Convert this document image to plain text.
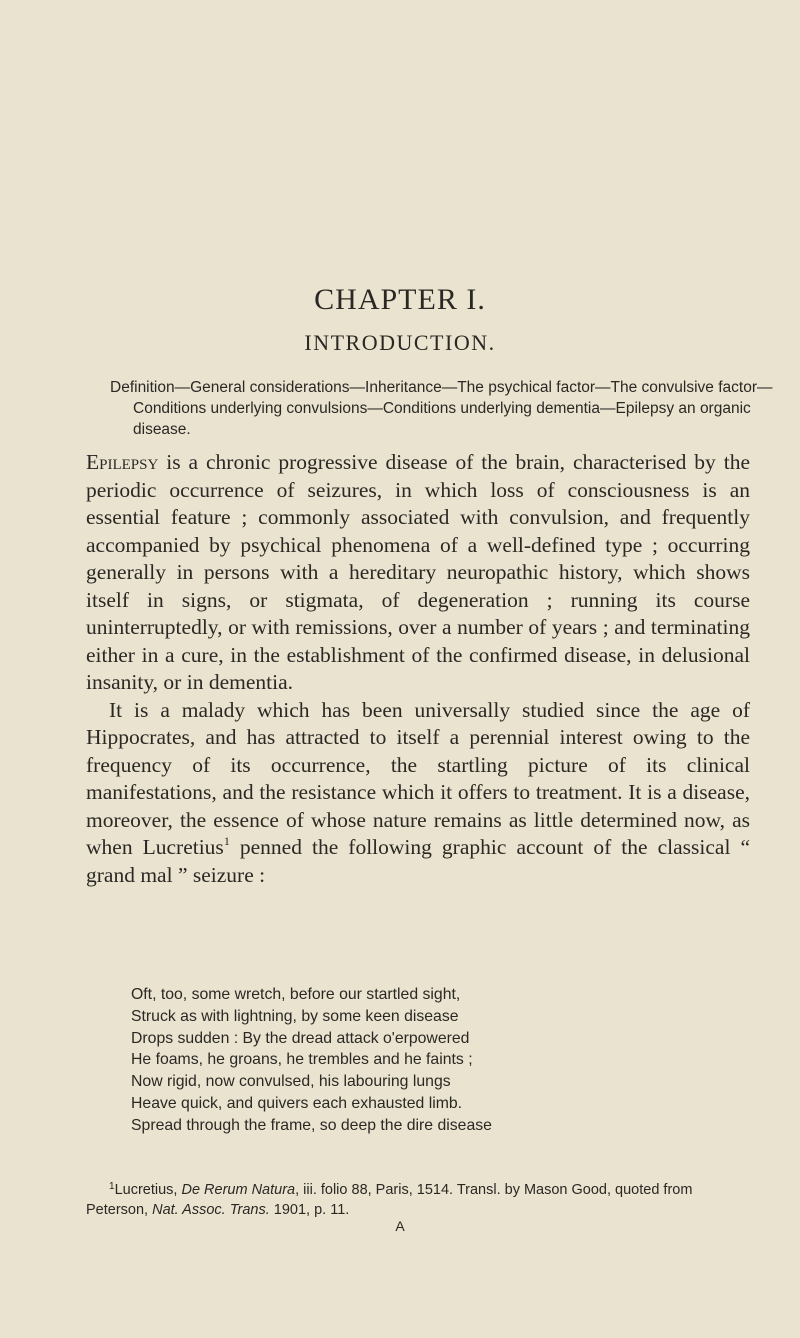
CHAPTER I.
INTRODUCTION.

Definition—General considerations—Inheritance—The psychical factor—The convulsive factor—Conditions underlying convulsions—Conditions underlying dementia—Epilepsy an organic disease.

Epilepsy is a chronic progressive disease of the brain, characterised by the periodic occurrence of seizures, in which loss of consciousness is an essential feature ; commonly associated with convulsion, and frequently accompanied by psychical phenomena of a well-defined type ; occurring generally in persons with a hereditary neuropathic history, which shows itself in signs, or stigmata, of degeneration ; running its course uninterruptedly, or with remissions, over a number of years ; and terminating either in a cure, in the establishment of the confirmed disease, in delusional insanity, or in dementia.

It is a malady which has been universally studied since the age of Hippocrates, and has attracted to itself a perennial interest owing to the frequency of its occurrence, the startling picture of its clinical manifestations, and the resistance which it offers to treatment. It is a disease, moreover, the essence of whose nature remains as little determined now, as when Lucretius$^1$ penned the following graphic account of the classical “ grand mal ” seizure :

Oft, too, some wretch, before our startled sight,
Struck as with lightning, by some keen disease
Drops sudden : By the dread attack o'erpowered
He foams, he groans, he trembles and he faints ;
Now rigid, now convulsed, his labouring lungs
Heave quick, and quivers each exhausted limb.
Spread through the frame, so deep the dire disease

$^1$Lucretius, De Rerum Natura, iii. folio 88, Paris, 1514. Transl. by Mason Good, quoted from Peterson, Nat. Assoc. Trans. 1901, p. 11.

A
